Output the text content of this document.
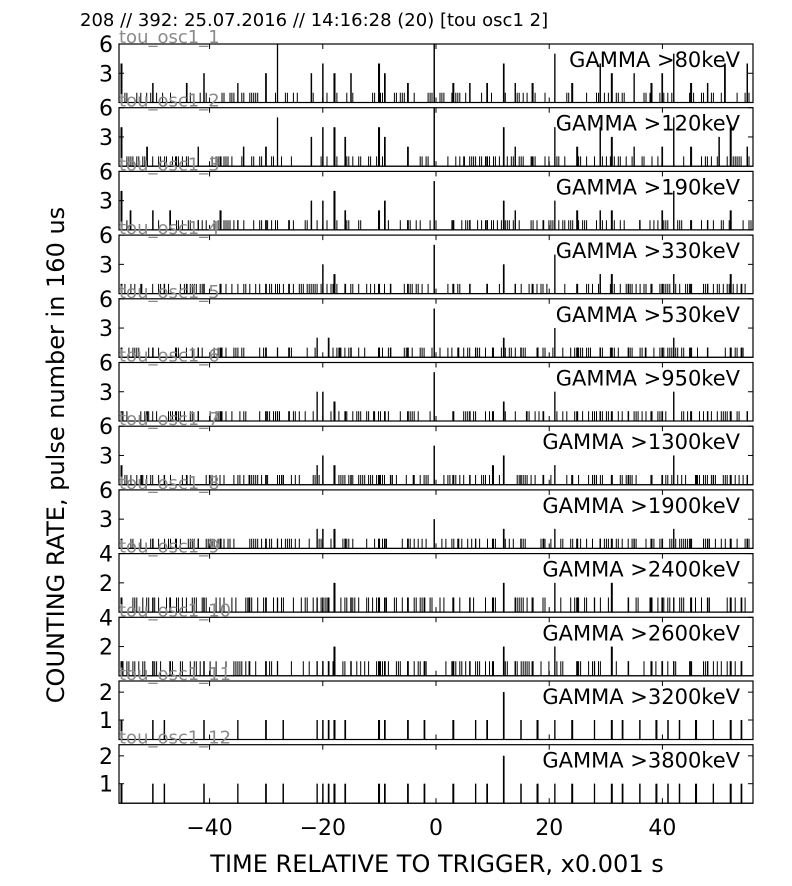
208 // 392: 25.07.2016 // 14:16:28 (20) [tou osc1 2]
TIME RELATIVE TO TRIGGER, x0.001 s
COUNTING RATE, pulse number in 160 us
3
6 tou_osc1_1
GAMMA >80keV
3
6 tou_osc1_2
GAMMA >120keV
3
6 tou_osc1_3
GAMMA >190keV
3
6 tou_osc1_4
GAMMA >330keV
3
6 tou_osc1_5
GAMMA >530keV
3
6 tou_osc1_6
GAMMA >950keV
3
6 tou_osc1_7
GAMMA >1300keV
3
6 tou_osc1_8
GAMMA >1900keV
2
4 tou_osc1_9
GAMMA >2400keV
2
4 tou_osc1_10
GAMMA >2600keV
1
2
tou_osc1_11
GAMMA >3200keV
1
2
tou_osc1_12
GAMMA >3800keV
−40	−20	0	20	40
